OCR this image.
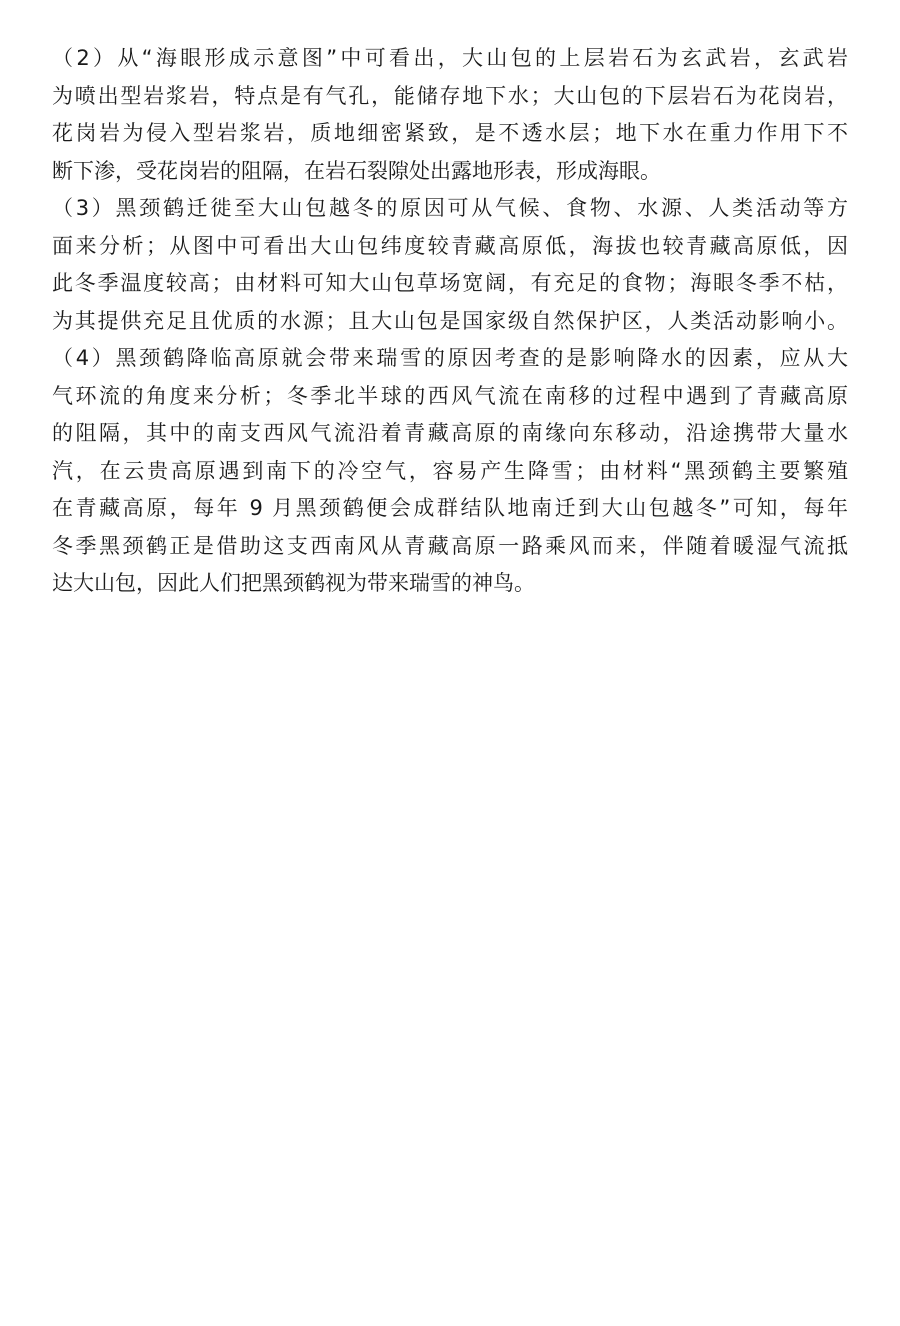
（2）从“海眼形成示意图”中可看出，大山包的上层岩石为玄武岩，玄武岩
为喷出型岩浆岩，特点是有气孔，能储存地下水；大山包的下层岩石为花岗岩，
花岗岩为侵入型岩浆岩，质地细密紧致，是不透水层；地下水在重力作用下不
断下渗，受花岗岩的阻隔，在岩石裂隙处出露地形表，形成海眼。
（3）黑颈鹤迁徙至大山包越冬的原因可从气候、食物、水源、人类活动等方
面来分析；从图中可看出大山包纬度较青藏高原低，海拔也较青藏高原低，因
此冬季温度较高；由材料可知大山包草场宽阔，有充足的食物；海眼冬季不枯，
为其提供充足且优质的水源；且大山包是国家级自然保护区，人类活动影响小。
（4）黑颈鹤降临高原就会带来瑞雪的原因考查的是影响降水的因素，应从大
气环流的角度来分析；冬季北半球的西风气流在南移的过程中遇到了青藏高原
的阻隔，其中的南支西风气流沿着青藏高原的南缘向东移动，沿途携带大量水
汽，在云贵高原遇到南下的冷空气，容易产生降雪；由材料“黑颈鹤主要繁殖
在青藏高原，每年 9 月黑颈鹤便会成群结队地南迁到大山包越冬”可知，每年
冬季黑颈鹤正是借助这支西南风从青藏高原一路乘风而来，伴随着暖湿气流抵
达大山包，因此人们把黑颈鹤视为带来瑞雪的神鸟。
